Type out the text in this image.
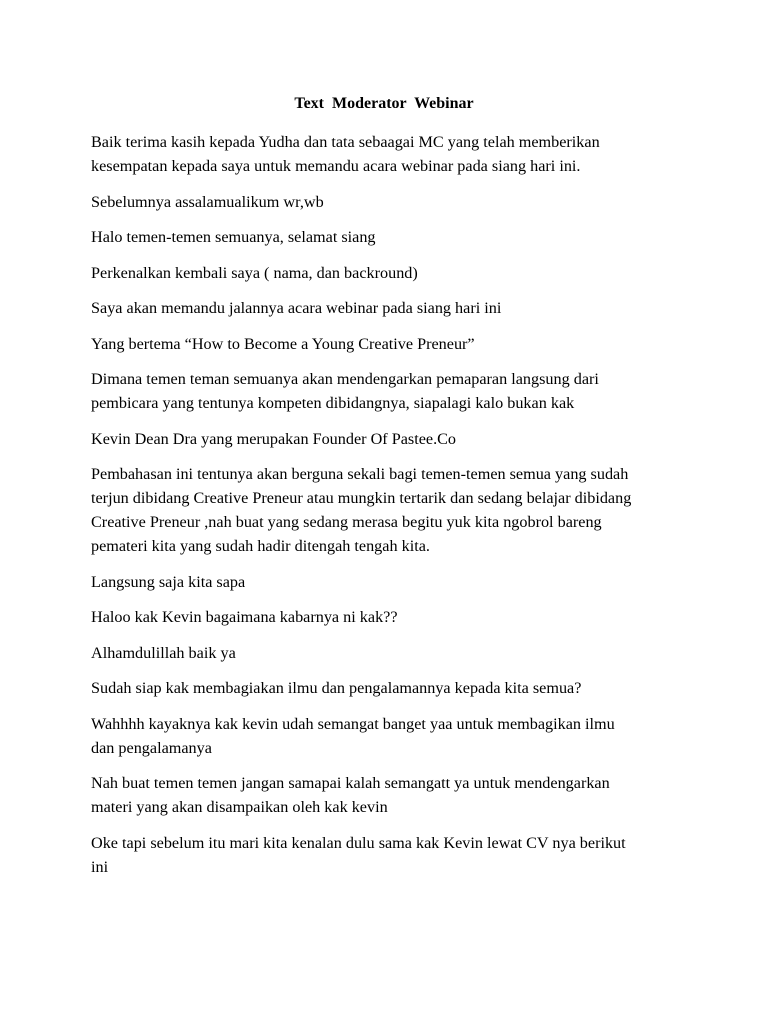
Text Moderator Webinar

Baik terima kasih kepada Yudha dan tata sebaagai MC yang telah memberikan
kesempatan kepada saya untuk memandu acara webinar pada siang hari ini.

Sebelumnya assalamualikum wr,wb

Halo temen-temen semuanya, selamat siang

Perkenalkan kembali saya ( nama, dan backround)

Saya akan memandu jalannya acara webinar pada siang hari ini

Yang bertema “How to Become a Young Creative Preneur”

Dimana temen teman semuanya akan mendengarkan pemaparan langsung dari
pembicara yang tentunya kompeten dibidangnya, siapalagi kalo bukan kak

Kevin Dean Dra yang merupakan Founder Of Pastee.Co

Pembahasan ini tentunya akan berguna sekali bagi temen-temen semua yang sudah
terjun dibidang Creative Preneur atau mungkin tertarik dan sedang belajar dibidang
Creative Preneur ,nah buat yang sedang merasa begitu yuk kita ngobrol bareng
pemateri kita yang sudah hadir ditengah tengah kita.

Langsung saja kita sapa

Haloo kak Kevin bagaimana kabarnya ni kak??

Alhamdulillah baik ya

Sudah siap kak membagiakan ilmu dan pengalamannya kepada kita semua?

Wahhhh kayaknya kak kevin udah semangat banget yaa untuk membagikan ilmu
dan pengalamanya

Nah buat temen temen jangan samapai kalah semangatt ya untuk mendengarkan
materi yang akan disampaikan oleh kak kevin

Oke tapi sebelum itu mari kita kenalan dulu sama kak Kevin lewat CV nya berikut
ini
